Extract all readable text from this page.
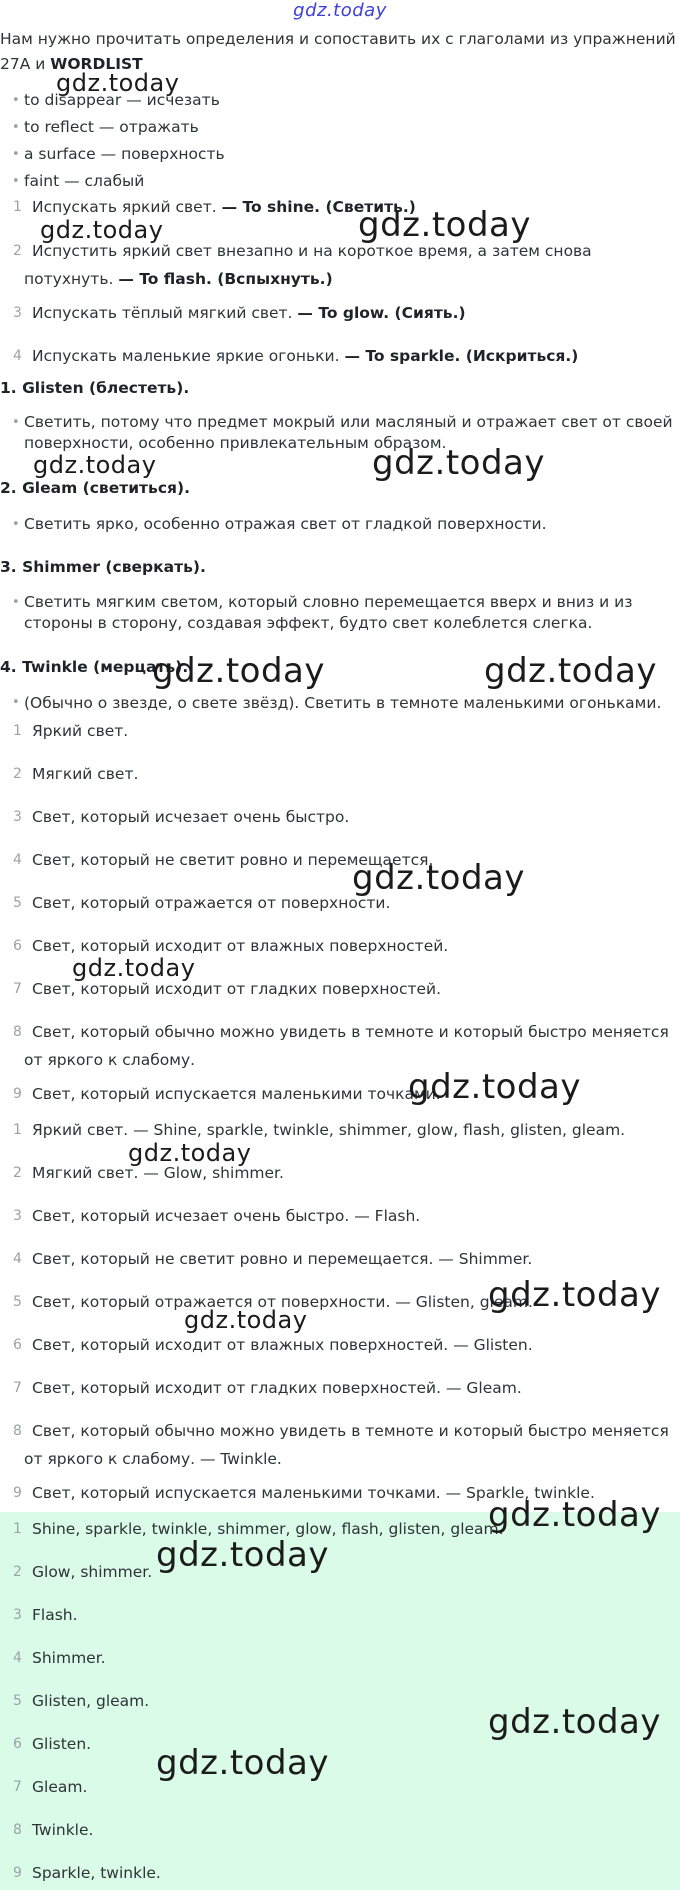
gdz.today
Нам нужно прочитать определения и сопоставить их с глаголами из упражнений 27A и WORDLIST
• to disappear — исчезать
• to reflect — отражать
• a surface — поверхность
• faint — слабый
1 Испускать яркий свет. — To shine. (Светить.)
2 Испустить яркий свет внезапно и на короткое время, а затем снова потухнуть. — To flash. (Вспыхнуть.)
3 Испускать тёплый мягкий свет. — To glow. (Сиять.)
4 Испускать маленькие яркие огоньки. — To sparkle. (Искриться.)
1. Glisten (блестеть).
• Светить, потому что предмет мокрый или масляный и отражает свет от своей поверхности, особенно привлекательным образом.
2. Gleam (светиться).
• Светить ярко, особенно отражая свет от гладкой поверхности.
3. Shimmer (сверкать).
• Светить мягким светом, который словно перемещается вверх и вниз и из стороны в сторону, создавая эффект, будто свет колеблется слегка.
4. Twinkle (мерцать).
• (Обычно о звезде, о свете звёзд). Светить в темноте маленькими огоньками.
1 Яркий свет.
2 Мягкий свет.
3 Свет, который исчезает очень быстро.
4 Свет, который не светит ровно и перемещается.
5 Свет, который отражается от поверхности.
6 Свет, который исходит от влажных поверхностей.
7 Свет, который исходит от гладких поверхностей.
8 Свет, который обычно можно увидеть в темноте и который быстро меняется от яркого к слабому.
9 Свет, который испускается маленькими точками.
1 Яркий свет. — Shine, sparkle, twinkle, shimmer, glow, flash, glisten, gleam.
2 Мягкий свет. — Glow, shimmer.
3 Свет, который исчезает очень быстро. — Flash.
4 Свет, который не светит ровно и перемещается. — Shimmer.
5 Свет, который отражается от поверхности. — Glisten, gleam.
6 Свет, который исходит от влажных поверхностей. — Glisten.
7 Свет, который исходит от гладких поверхностей. — Gleam.
8 Свет, который обычно можно увидеть в темноте и который быстро меняется от яркого к слабому. — Twinkle.
9 Свет, который испускается маленькими точками. — Sparkle, twinkle.
1 Shine, sparkle, twinkle, shimmer, glow, flash, glisten, gleam.
2 Glow, shimmer.
3 Flash.
4 Shimmer.
5 Glisten, gleam.
6 Glisten.
7 Gleam.
8 Twinkle.
9 Sparkle, twinkle.
gdz.today
gdz.today	gdz.today
gdz.today	gdz.today
gdz.today	gdz.today
gdz.today
gdz.today
gdz.today
gdz.today
gdz.today
gdz.today
gdz.today
gdz.today
gdz.today
gdz.today
